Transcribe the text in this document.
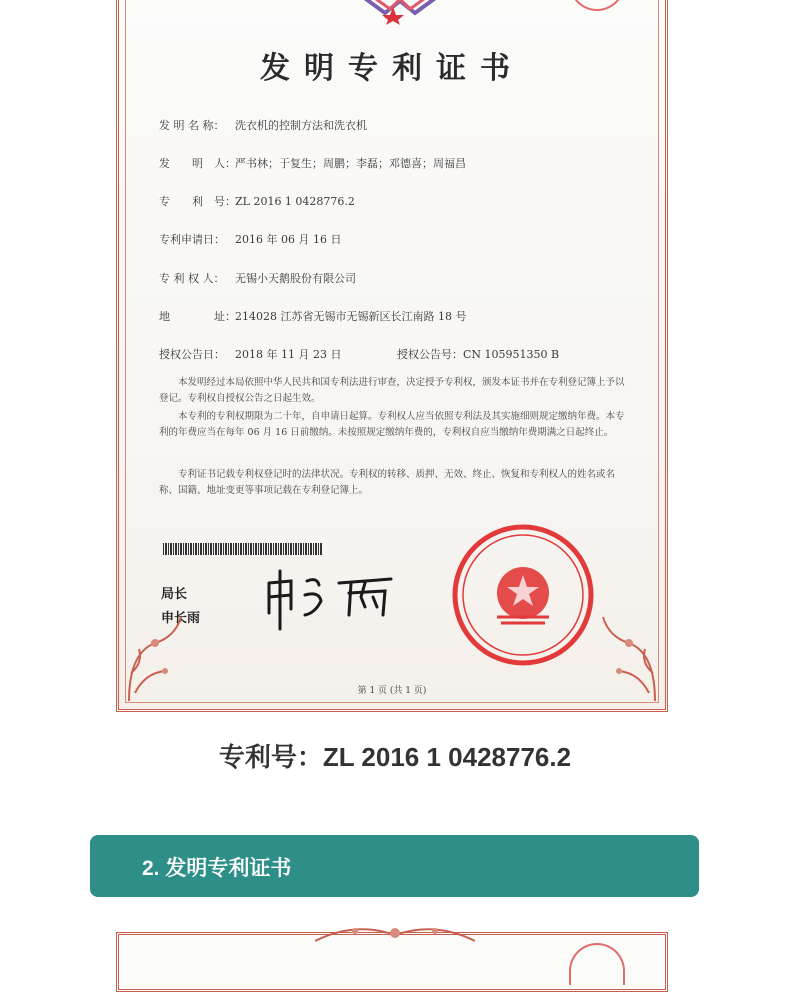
发明专利证书
发 明 名 称： 洗衣机的控制方法和洗衣机
发　　明　人：严书林；于复生；周鹏；李磊；邓德喜；周福昌
专　　利　号：ZL 2016 1 0428776.2
专利申请日： 2016 年 06 月 16 日
专 利 权 人： 无锡小天鹅股份有限公司
地　　　　址：214028 江苏省无锡市无锡新区长江南路 18 号
授权公告日： 2018 年 11 月 23 日	授权公告号：CN 105951350 B
本发明经过本局依照中华人民共和国专利法进行审查，决定授予专利权，颁发本证书并在专利登记簿上予以登记。专利权自授权公告之日起生效。
本专利的专利权期限为二十年，自申请日起算。专利权人应当依照专利法及其实施细则规定缴纳年费。本专利的年费应当在每年 06 月 16 日前缴纳。未按照规定缴纳年费的，专利权自应当缴纳年费期满之日起终止。
专利证书记载专利权登记时的法律状况。专利权的转移、质押、无效、终止、恢复和专利权人的姓名或名称、国籍、地址变更等事项记载在专利登记簿上。
局长
申长雨
第 1 页 (共 1 页)
专利号：ZL 2016 1 0428776.2
2. 发明专利证书
